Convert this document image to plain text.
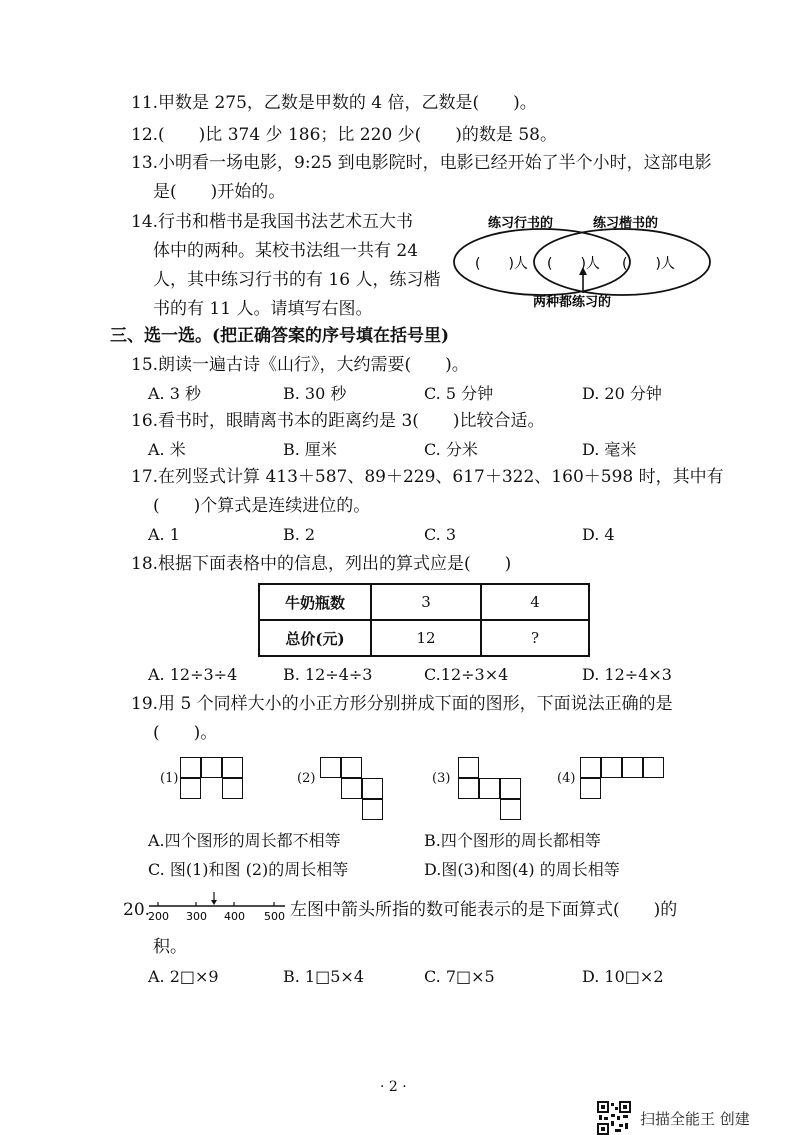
11.甲数是 275，乙数是甲数的 4 倍，乙数是(　　)。
12.(　　)比 374 少 186；比 220 少(　　)的数是 58。
13.小明看一场电影，9:25 到电影院时，电影已经开始了半个小时，这部电影
是(　　)开始的。
14.行书和楷书是我国书法艺术五大书
体中的两种。某校书法组一共有 24
人，其中练习行书的有 16 人，练习楷
书的有 11 人。请填写右图。
练习行书的	练习楷书的
(　　)人 (　　)人 (　　)人
两种都练习的
三、选一选。(把正确答案的序号填在括号里)
15.朗读一遍古诗《山行》，大约需要(　　)。
A. 3 秒	B. 30 秒	C. 5 分钟	D. 20 分钟
16.看书时，眼睛离书本的距离约是 3(　　)比较合适。
A. 米	B. 厘米	C. 分米	D. 毫米
17.在列竖式计算 413＋587、89＋229、617＋322、160＋598 时，其中有
(　　)个算式是连续进位的。
A. 1	B. 2	C. 3	D. 4
18.根据下面表格中的信息，列出的算式应是(　　)
牛奶瓶数	3	4
总价(元)	12	?
A. 12÷3÷4	B. 12÷4÷3	C.12÷3×4	D. 12÷4×3
19.用 5 个同样大小的小正方形分别拼成下面的图形，下面说法正确的是
(　　)。
(1)	(2)	(3)	(4)
A.四个图形的周长都不相等	B.四个图形的周长都相等
C. 图(1)和图 (2)的周长相等	D.图(3)和图(4) 的周长相等
20.
200 300 400 500 左图中箭头所指的数可能表示的是下面算式(　　)的
积。
A. 2□×9	B. 1□5×4	C. 7□×5	D. 10□×2
· 2 ·
扫描全能王 创建
